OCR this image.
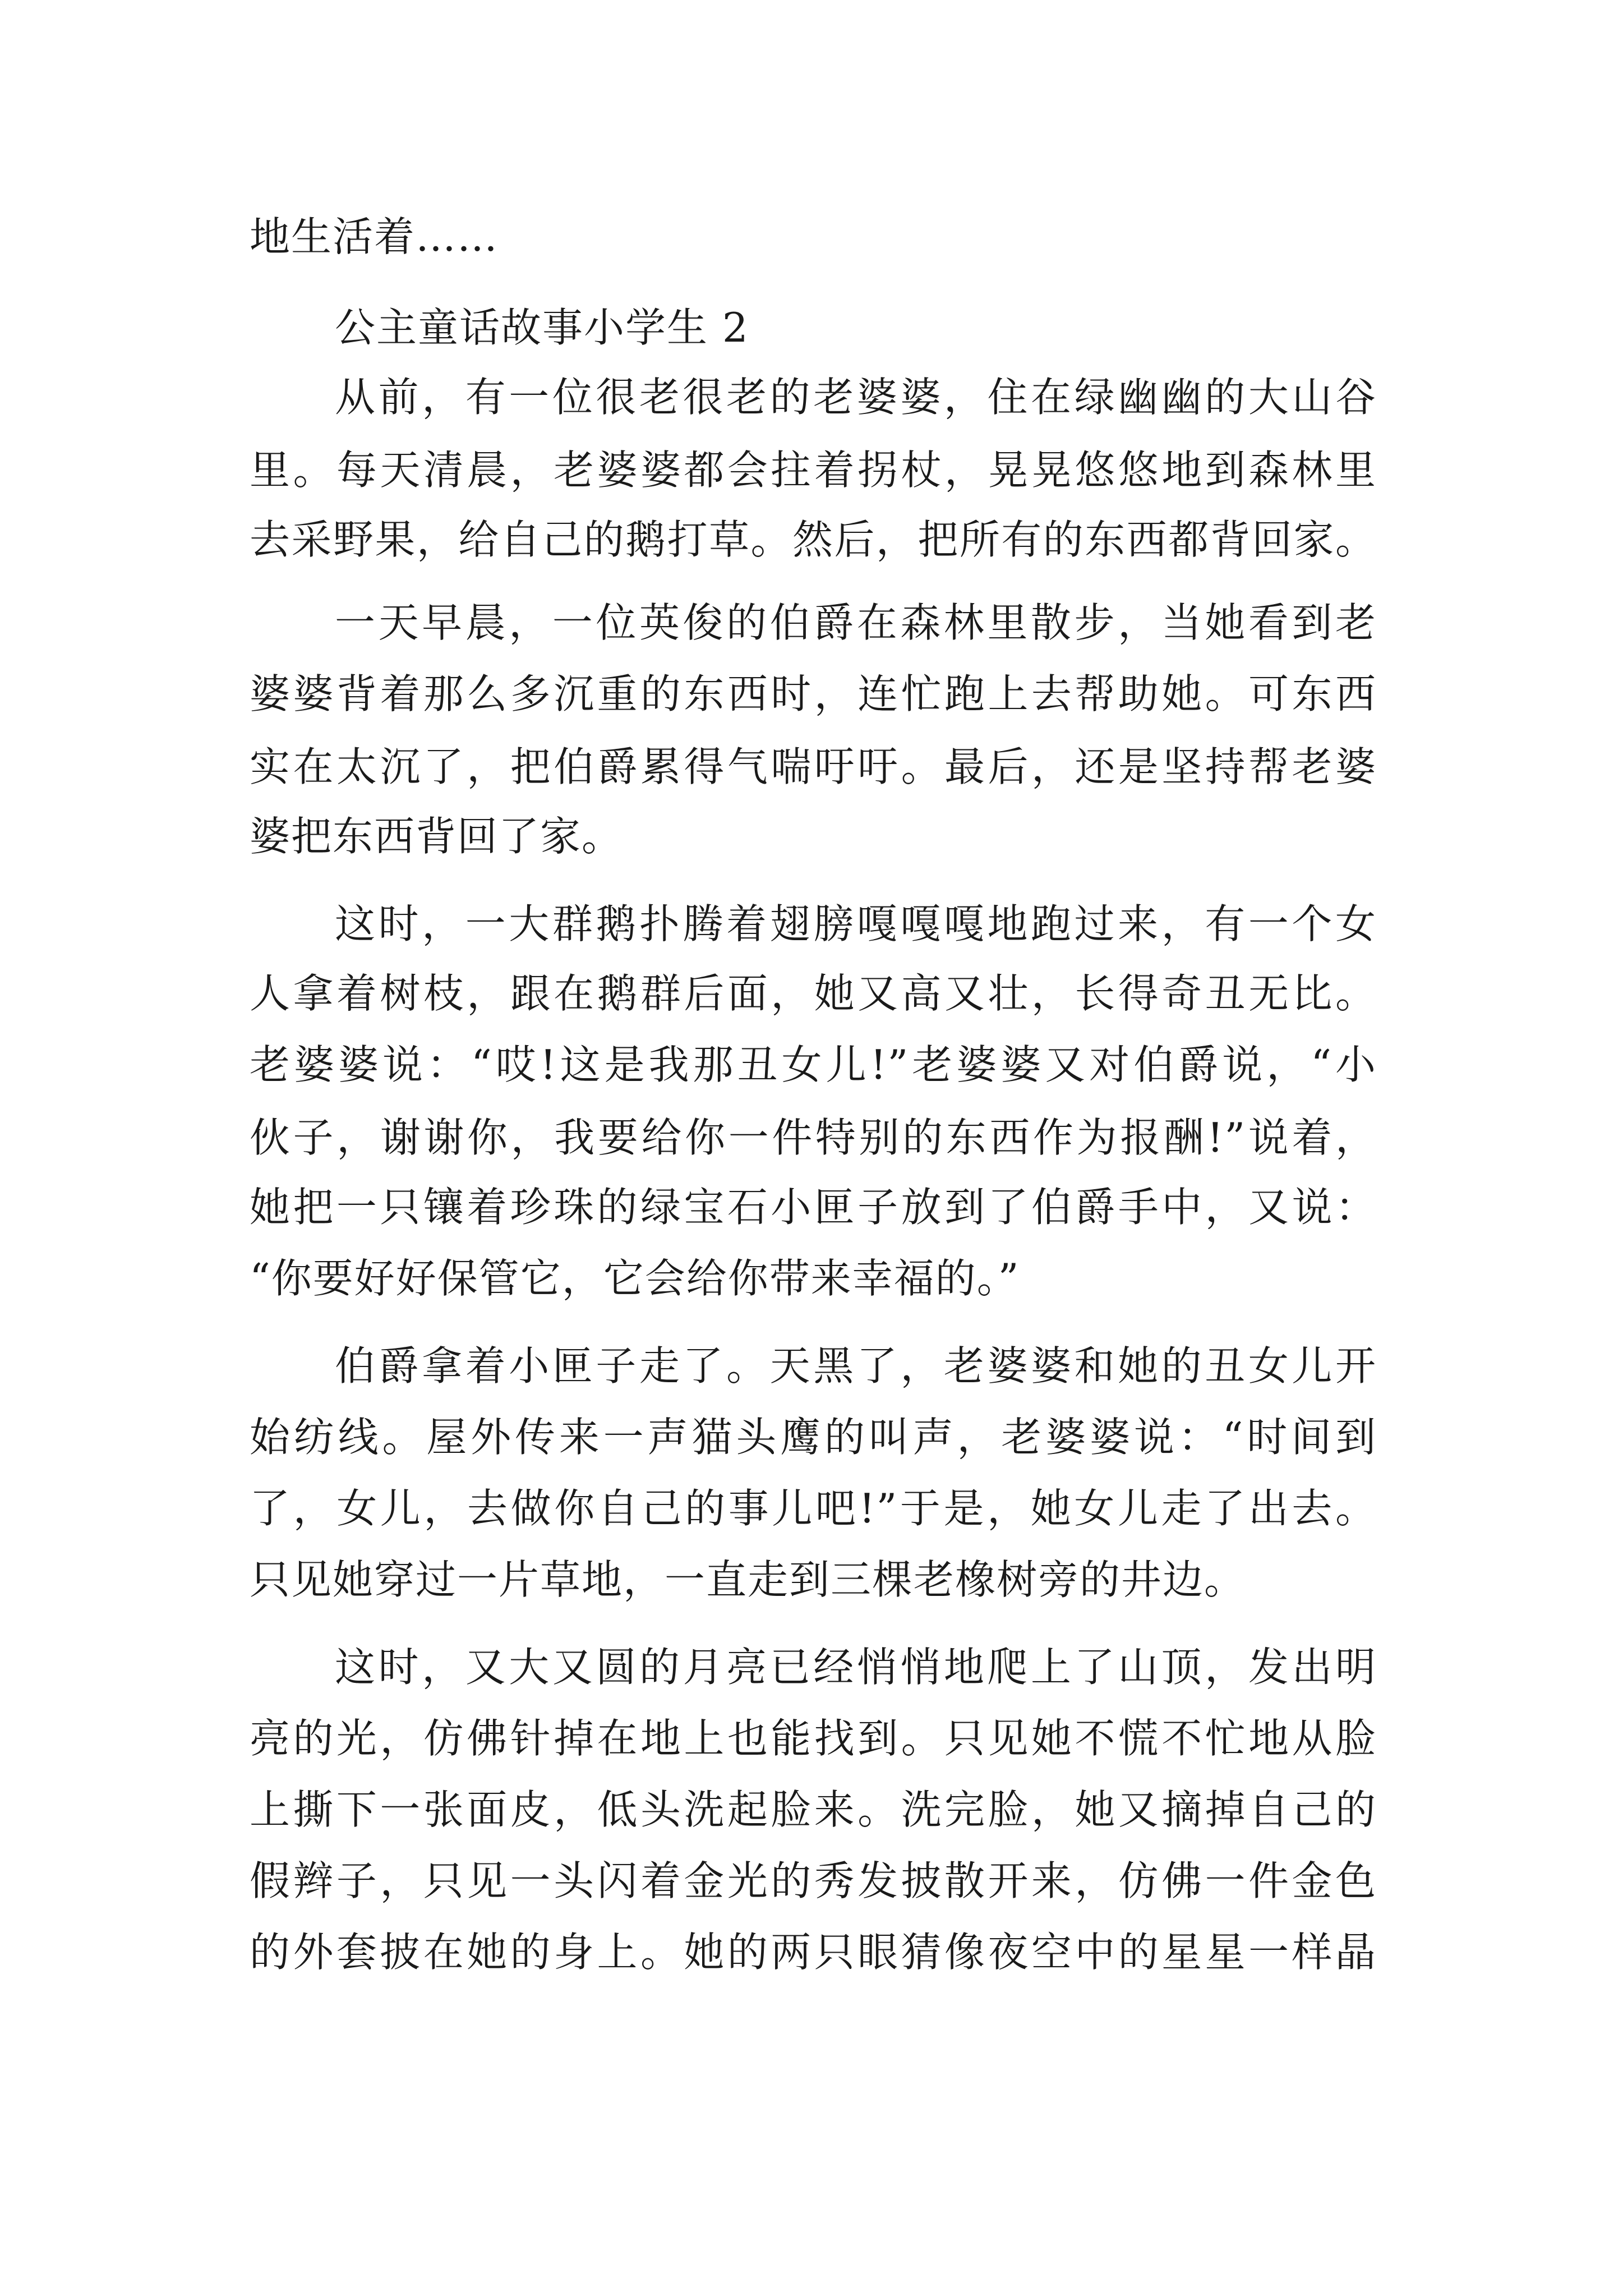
地生活着……
公主童话故事小学生 2
从前，有一位很老很老的老婆婆，住在绿幽幽的大山谷
里。每天清晨，老婆婆都会拄着拐杖，晃晃悠悠地到森林里
去采野果，给自己的鹅打草。然后，把所有的东西都背回家。
一天早晨，一位英俊的伯爵在森林里散步，当她看到老
婆婆背着那么多沉重的东西时，连忙跑上去帮助她。可东西
实在太沉了，把伯爵累得气喘吁吁。最后，还是坚持帮老婆
婆把东西背回了家。
这时，一大群鹅扑腾着翅膀嘎嘎嘎地跑过来，有一个女
人拿着树枝，跟在鹅群后面，她又高又壮，长得奇丑无比。
老婆婆说：“哎!这是我那丑女儿!”老婆婆又对伯爵说，“小
伙子，谢谢你，我要给你一件特别的东西作为报酬!”说着，
她把一只镶着珍珠的绿宝石小匣子放到了伯爵手中，又说：
“你要好好保管它，它会给你带来幸福的。”
伯爵拿着小匣子走了。天黑了，老婆婆和她的丑女儿开
始纺线。屋外传来一声猫头鹰的叫声，老婆婆说：“时间到
了，女儿，去做你自己的事儿吧!”于是，她女儿走了出去。
只见她穿过一片草地，一直走到三棵老橡树旁的井边。
这时，又大又圆的月亮已经悄悄地爬上了山顶，发出明
亮的光，仿佛针掉在地上也能找到。只见她不慌不忙地从脸
上撕下一张面皮，低头洗起脸来。洗完脸，她又摘掉自己的
假辫子，只见一头闪着金光的秀发披散开来，仿佛一件金色
的外套披在她的身上。她的两只眼猜像夜空中的星星一样晶
